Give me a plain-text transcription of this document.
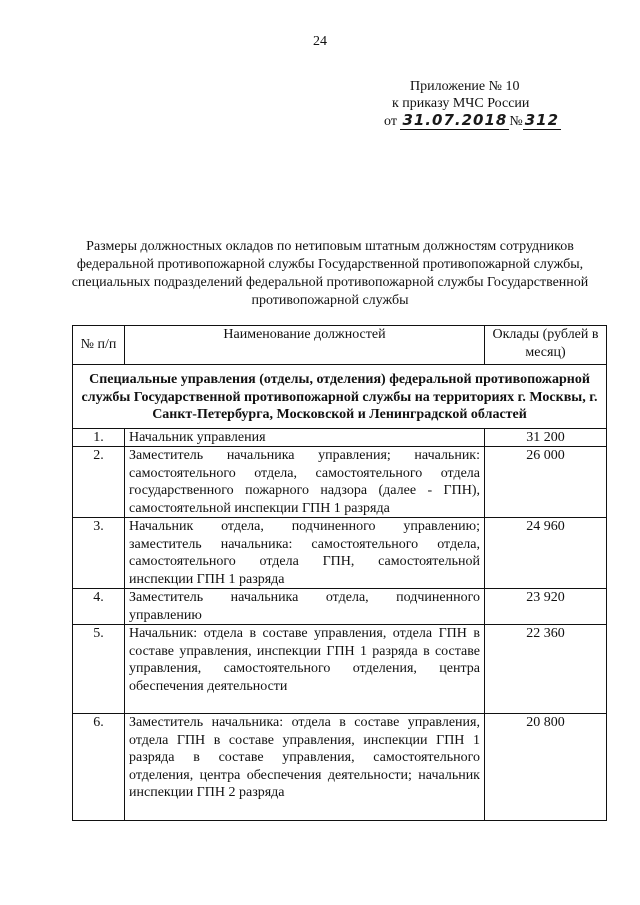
24
Приложение № 10
к приказу МЧС России
от 31.07.2018 № 312
Размеры должностных окладов по нетиповым штатным должностям сотрудников федеральной противопожарной службы Государственной противопожарной службы, специальных подразделений федеральной противопожарной службы Государственной противопожарной службы
№ п/п	Наименование должностей	Оклады (рублей в месяц)
Специальные управления (отделы, отделения) федеральной противопожарной службы Государственной противопожарной службы на территориях г. Москвы, г. Санкт-Петербурга, Московской и Ленинградской областей		
1.	Начальник управления	31 200
2.	Заместитель начальника управления; начальник: самостоятельного отдела, самостоятельного отдела государственного пожарного надзора (далее - ГПН), самостоятельной инспекции ГПН 1 разряда	26 000
3.	Начальник отдела, подчиненного управлению; заместитель начальника: самостоятельного отдела, самостоятельного отдела ГПН, самостоятельной инспекции ГПН 1 разряда	24 960
4.	Заместитель начальника отдела, подчиненного управлению	23 920
5.	Начальник: отдела в составе управления, отдела ГПН в составе управления, инспекции ГПН 1 разряда в составе управления, самостоятельного отделения, центра обеспечения деятельности	22 360
6.	Заместитель начальника: отдела в составе управления, отдела ГПН в составе управления, инспекции ГПН 1 разряда в составе управления, самостоятельного отделения, центра обеспечения деятельности; начальник инспекции ГПН 2 разряда	20 800
